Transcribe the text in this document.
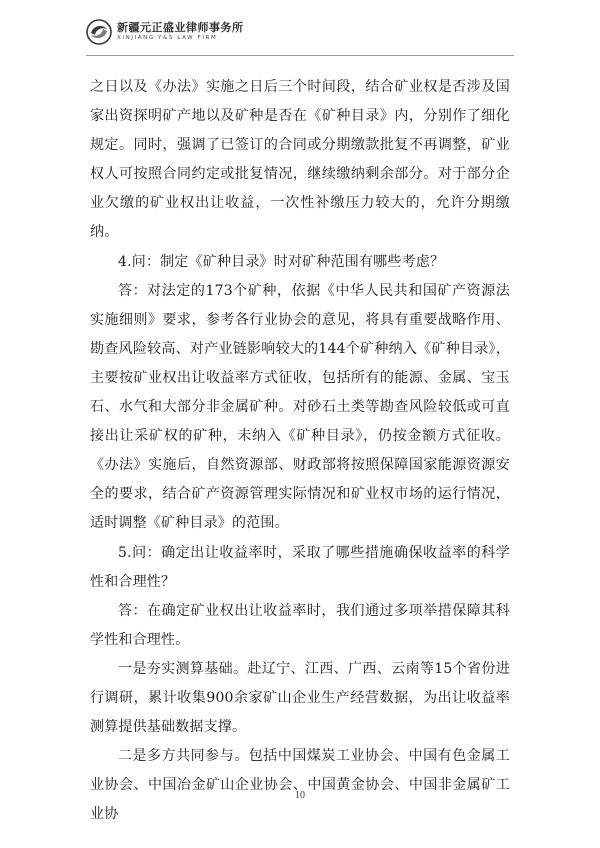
新疆元正盛业律师事务所
XINJIANG Y&S LAW FIRM

之日以及《办法》实施之日后三个时间段，结合矿业权是否涉及国家出资探明矿产地以及矿种是否在《矿种目录》内，分别作了细化规定。同时，强调了已签订的合同或分期缴款批复不再调整，矿业权人可按照合同约定或批复情况，继续缴纳剩余部分。对于部分企业欠缴的矿业权出让收益，一次性补缴压力较大的，允许分期缴纳。

4.问：制定《矿种目录》时对矿种范围有哪些考虑？

答：对法定的173个矿种，依据《中华人民共和国矿产资源法实施细则》要求，参考各行业协会的意见，将具有重要战略作用、勘查风险较高、对产业链影响较大的144个矿种纳入《矿种目录》，主要按矿业权出让收益率方式征收，包括所有的能源、金属、宝玉石、水气和大部分非金属矿种。对砂石土类等勘查风险较低或可直接出让采矿权的矿种，未纳入《矿种目录》，仍按金额方式征收。《办法》实施后，自然资源部、财政部将按照保障国家能源资源安全的要求，结合矿产资源管理实际情况和矿业权市场的运行情况，适时调整《矿种目录》的范围。

5.问：确定出让收益率时，采取了哪些措施确保收益率的科学性和合理性？

答：在确定矿业权出让收益率时，我们通过多项举措保障其科学性和合理性。

一是夯实测算基础。赴辽宁、江西、广西、云南等15个省份进行调研，累计收集900余家矿山企业生产经营数据，为出让收益率测算提供基础数据支撑。

二是多方共同参与。包括中国煤炭工业协会、中国有色金属工业协会、中国冶金矿山企业协会、中国黄金协会、中国非金属矿工业协

10
